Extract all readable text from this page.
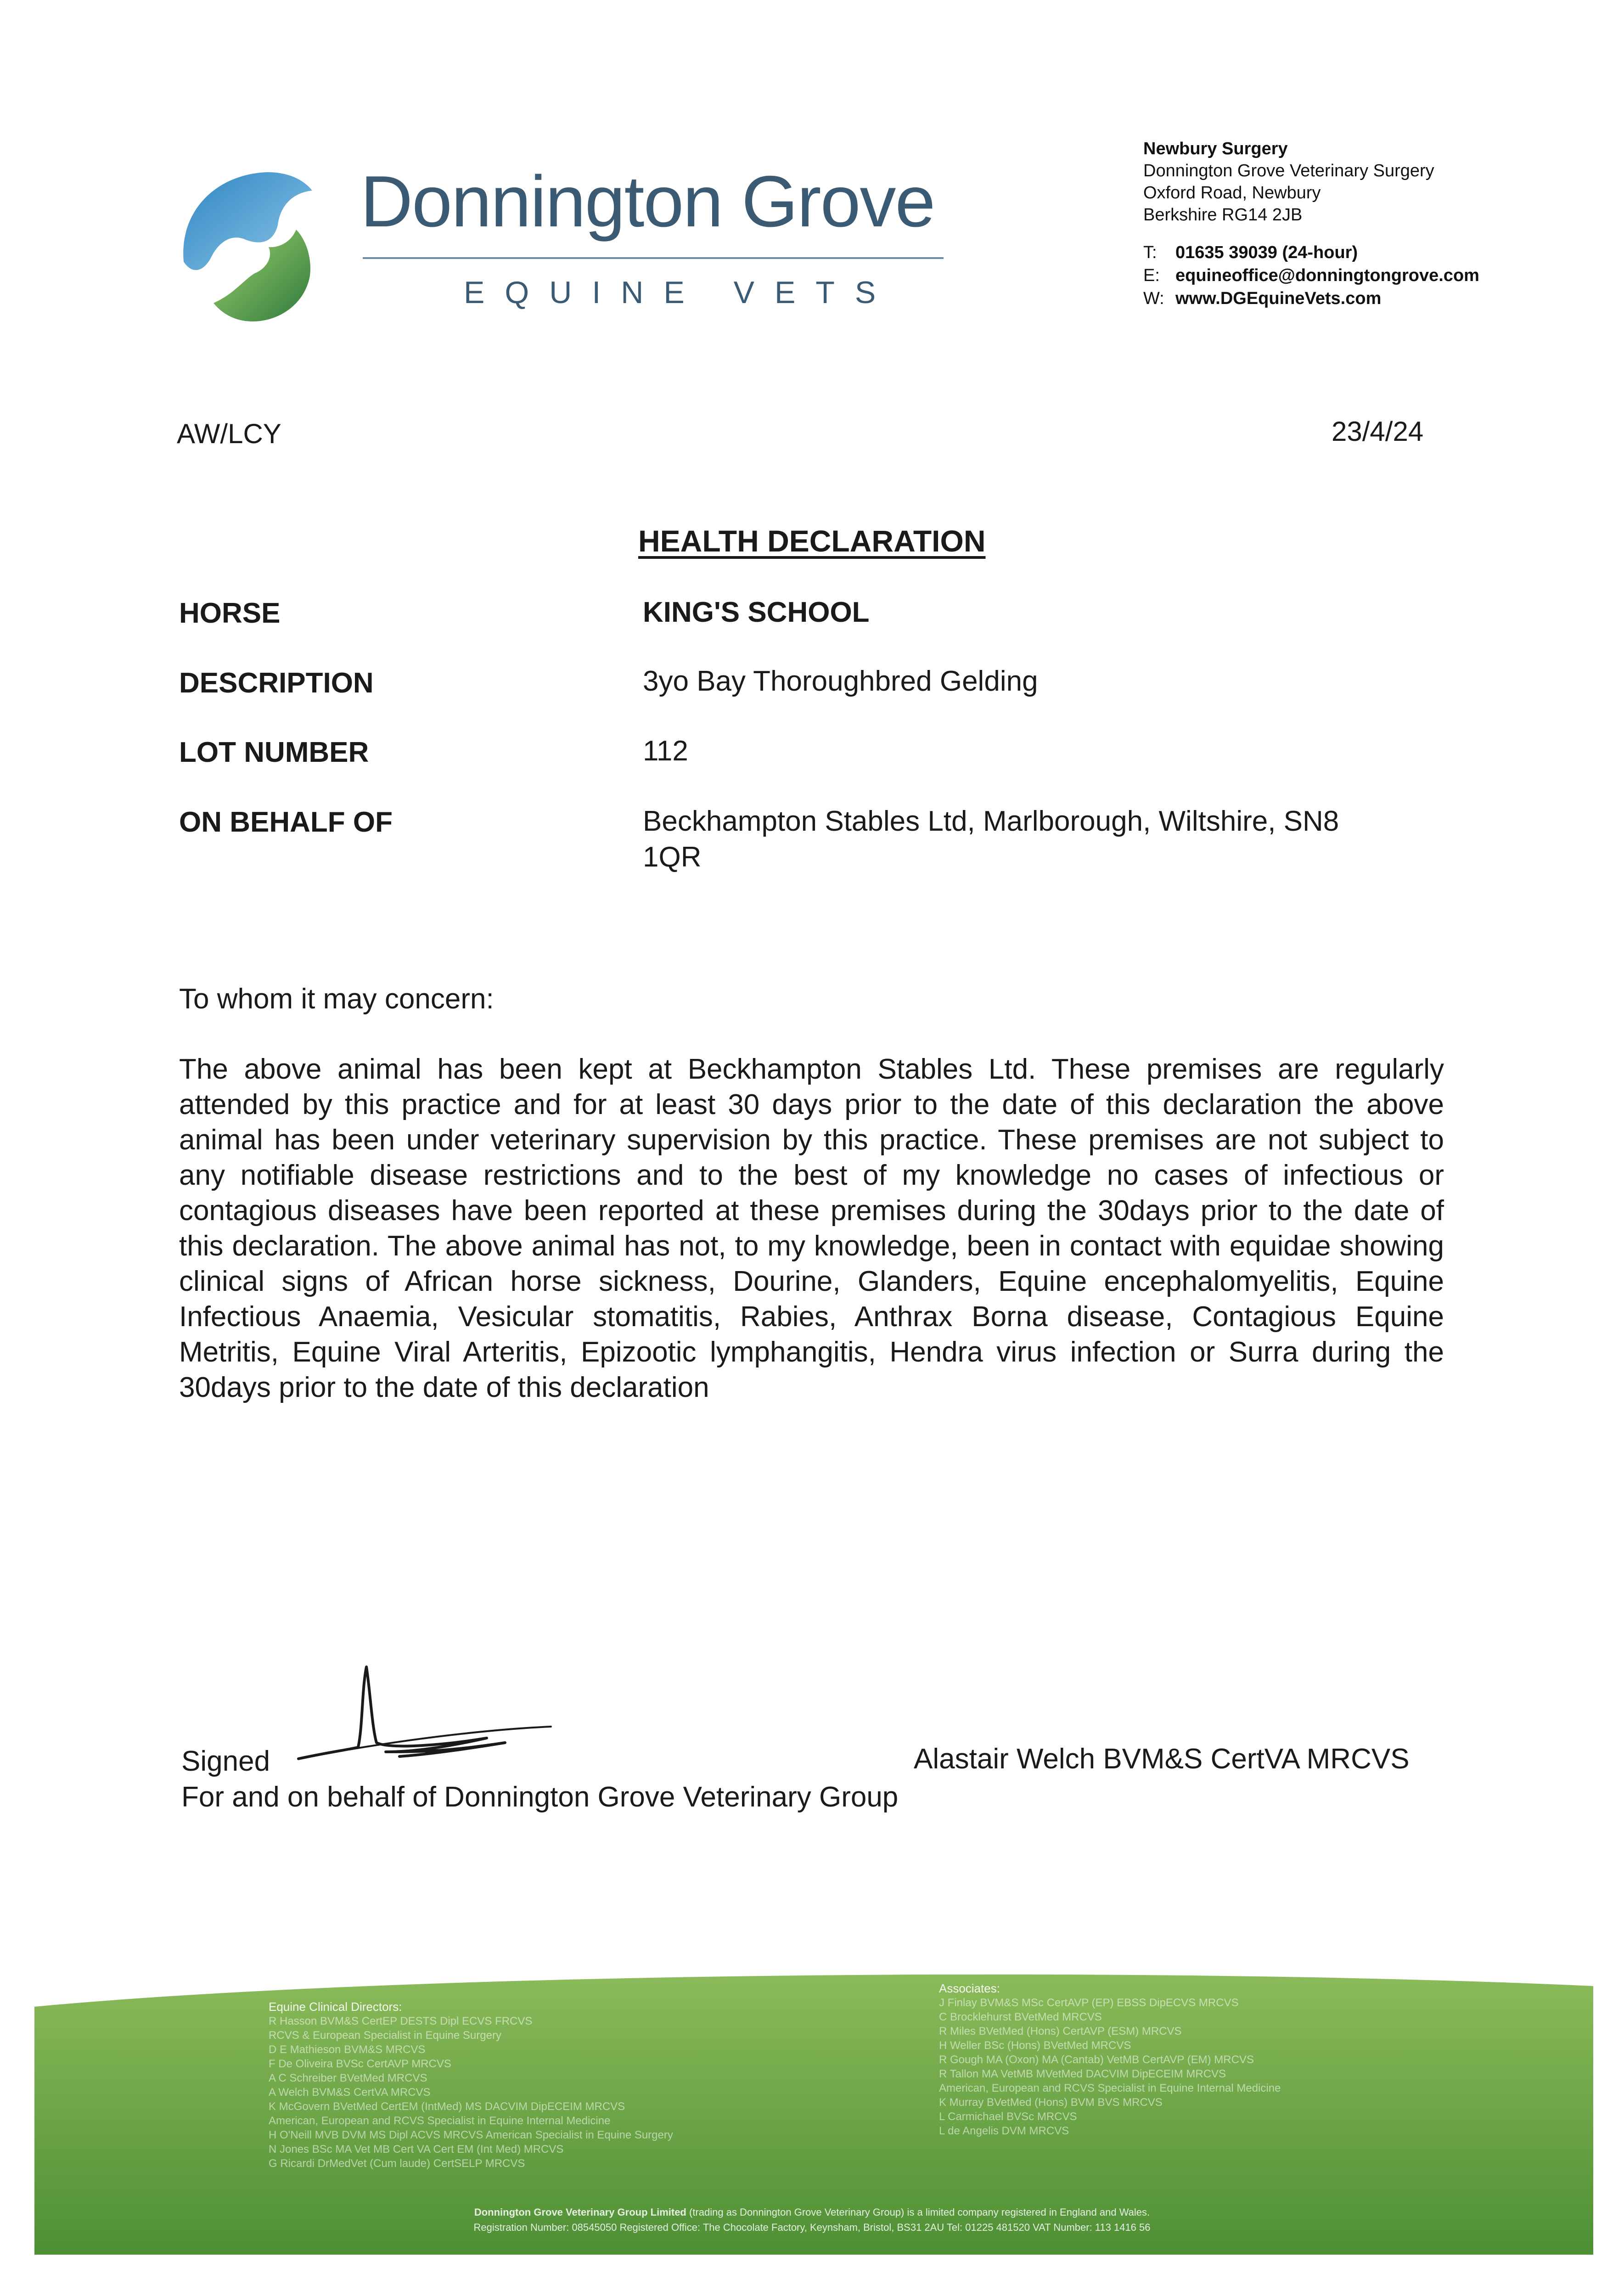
Donnington Grove
EQUINE VETS
Newbury Surgery
Donnington Grove Veterinary Surgery
Oxford Road, Newbury
Berkshire RG14 2JB
T: 01635 39039 (24-hour)
E: equineoffice@donningtongrove.com
W: www.DGEquineVets.com
AW/LCY	23/4/24
HEALTH DECLARATION
HORSE	KING'S SCHOOL
DESCRIPTION	3yo Bay Thoroughbred Gelding
LOT NUMBER	112
ON BEHALF OF	Beckhampton Stables Ltd, Marlborough, Wiltshire, SN8
1QR
To whom it may concern:
The above animal has been kept at Beckhampton Stables Ltd. These premises are regularly attended by this practice and for at least 30 days prior to the date of this declaration the above animal has been under veterinary supervision by this practice. These premises are not subject to any notifiable disease restrictions and to the best of my knowledge no cases of infectious or contagious diseases have been reported at these premises during the 30days prior to the date of this declaration. The above animal has not, to my knowledge, been in contact with equidae showing clinical signs of African horse sickness, Dourine, Glanders, Equine encephalomyelitis, Equine Infectious Anaemia, Vesicular stomatitis, Rabies, Anthrax Borna disease, Contagious Equine Metritis, Equine Viral Arteritis, Epizootic lymphangitis, Hendra virus infection or Surra during the 30days prior to the date of this declaration
Signed	Alastair Welch BVM&S CertVA MRCVS
For and on behalf of Donnington Grove Veterinary Group
Equine Clinical Directors:
R Hasson BVM&S CertEP DESTS Dipl ECVS FRCVS
RCVS & European Specialist in Equine Surgery
D E Mathieson BVM&S MRCVS
F De Oliveira BVSc CertAVP MRCVS
A C Schreiber BVetMed MRCVS
A Welch BVM&S CertVA MRCVS
K McGovern BVetMed CertEM (IntMed) MS DACVIM DipECEIM MRCVS
American, European and RCVS Specialist in Equine Internal Medicine
H O'Neill MVB DVM MS Dipl ACVS MRCVS American Specialist in Equine Surgery
N Jones BSc MA Vet MB Cert VA Cert EM (Int Med) MRCVS
G Ricardi DrMedVet (Cum laude) CertSELP MRCVS
Associates:
J Finlay BVM&S MSc CertAVP (EP) EBSS DipECVS MRCVS
C Brocklehurst BVetMed MRCVS
R Miles BVetMed (Hons) CertAVP (ESM) MRCVS
H Weller BSc (Hons) BVetMed MRCVS
R Gough MA (Oxon) MA (Cantab) VetMB CertAVP (EM) MRCVS
R Tallon MA VetMB MVetMed DACVIM DipECEIM MRCVS
American, European and RCVS Specialist in Equine Internal Medicine
K Murray BVetMed (Hons) BVM BVS MRCVS
L Carmichael BVSc MRCVS
L de Angelis DVM MRCVS
Donnington Grove Veterinary Group Limited (trading as Donnington Grove Veterinary Group) is a limited company registered in England and Wales.
Registration Number: 08545050 Registered Office: The Chocolate Factory, Keynsham, Bristol, BS31 2AU Tel: 01225 481520 VAT Number: 113 1416 56
